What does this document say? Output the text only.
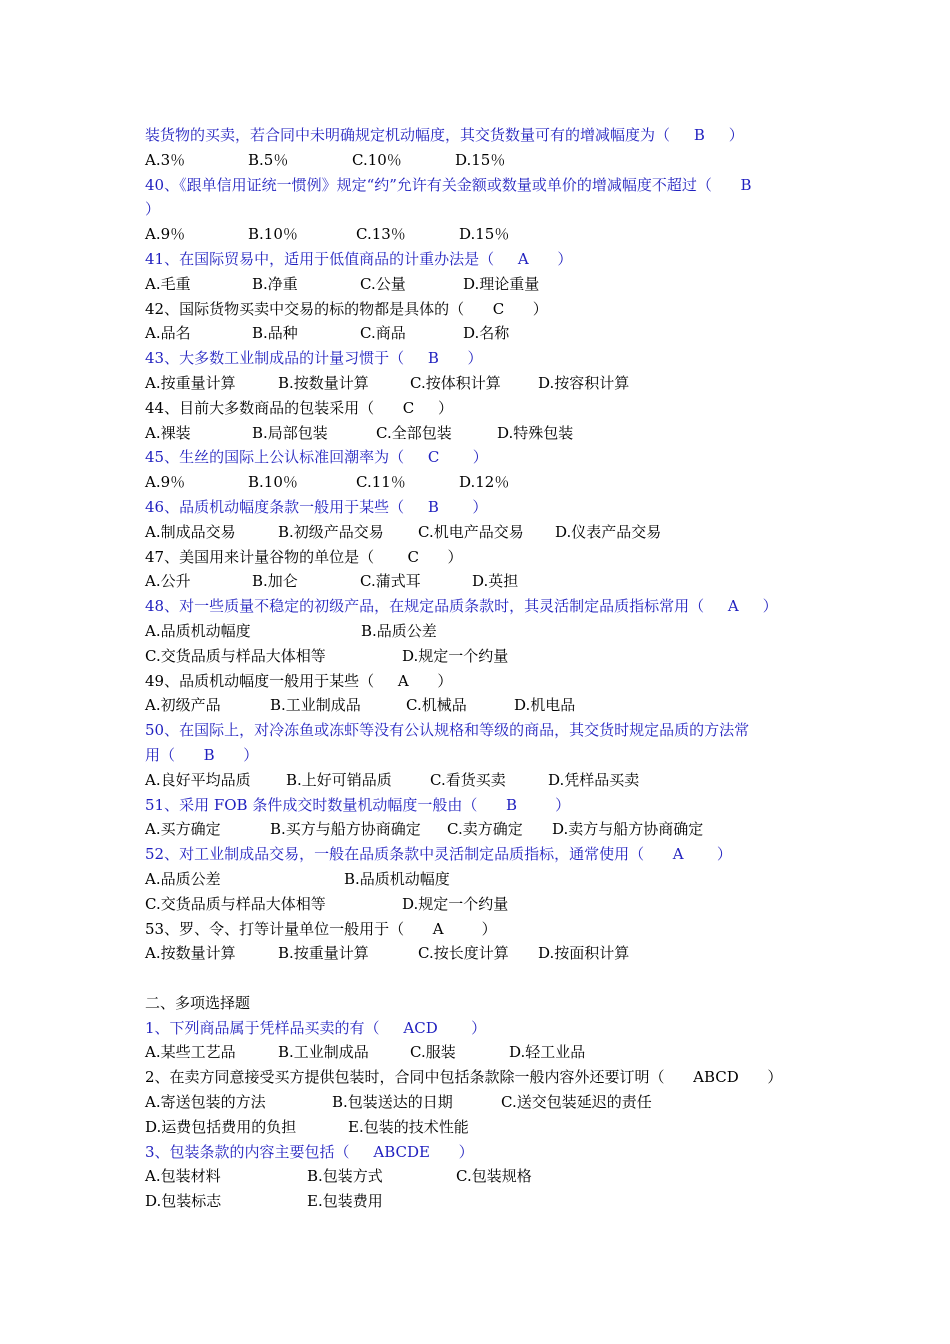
装货物的买卖，若合同中未明确规定机动幅度，其交货数量可有的增减幅度为（     B     ）
A.3％	B.5％	C.10％	D.15％
40、《跟单信用证统一惯例》规定“约”允许有关金额或数量或单价的增减幅度不超过（      B
）
A.9％	B.10％	C.13％	D.15％
41、在国际贸易中，适用于低值商品的计重办法是（     A      ）
A.毛重	B.净重	C.公量	D.理论重量
42、国际货物买卖中交易的标的物都是具体的（      C      ）
A.品名	B.品种	C.商品	D.名称
43、大多数工业制成品的计量习惯于（     B      ）
A.按重量计算	B.按数量计算	C.按体积计算 D.按容积计算
44、目前大多数商品的包装采用（      C     ）
A.裸装	B.局部包装	C.全部包装	D.特殊包装
45、生丝的国际上公认标准回潮率为（     C       ）
A.9％	B.10％	C.11％	D.12％
46、品质机动幅度条款一般用于某些（     B       ）
A.制成品交易	B.初级产品交易 C.机电产品交易 D.仪表产品交易
47、美国用来计量谷物的单位是（       C      ）
A.公升	B.加仑	C.蒲式耳	D.英担
48、对一些质量不稳定的初级产品，在规定品质条款时，其灵活制定品质指标常用（     A     ）
A.品质机动幅度	B.品质公差
C.交货品质与样品大体相等	D.规定一个约量
49、品质机动幅度一般用于某些（     A      ）
A.初级产品	B.工业制成品	C.机械品	D.机电品
50、在国际上，对冷冻鱼或冻虾等没有公认规格和等级的商品，其交货时规定品质的方法常
用（      B      ）
A.良好平均品质 B.上好可销品质	C.看货买卖	D.凭样品买卖
51、采用 FOB 条件成交时数量机动幅度一般由（      B        ）
A.买方确定	B.买方与船方协商确定 C.卖方确定 D.卖方与船方协商确定
52、对工业制成品交易，一般在品质条款中灵活制定品质指标，通常使用（      A       ）
A.品质公差	B.品质机动幅度
C.交货品质与样品大体相等	D.规定一个约量
53、罗、令、打等计量单位一般用于（      A        ）
A.按数量计算	B.按重量计算	C.按长度计算 D.按面积计算
二、多项选择题
1、下列商品属于凭样品买卖的有（     ACD       ）
A.某些工艺品	B.工业制成品	C.服装	D.轻工业品
2、在卖方同意接受买方提供包装时，合同中包括条款除一般内容外还要订明（      ABCD      ）
A.寄送包装的方法	B.包装送达的日期	C.送交包装延迟的责任
D.运费包括费用的负担	E.包装的技术性能
3、包装条款的内容主要包括（     ABCDE      ）
A.包装材料	B.包装方式	C.包装规格
D.包装标志	E.包装费用
